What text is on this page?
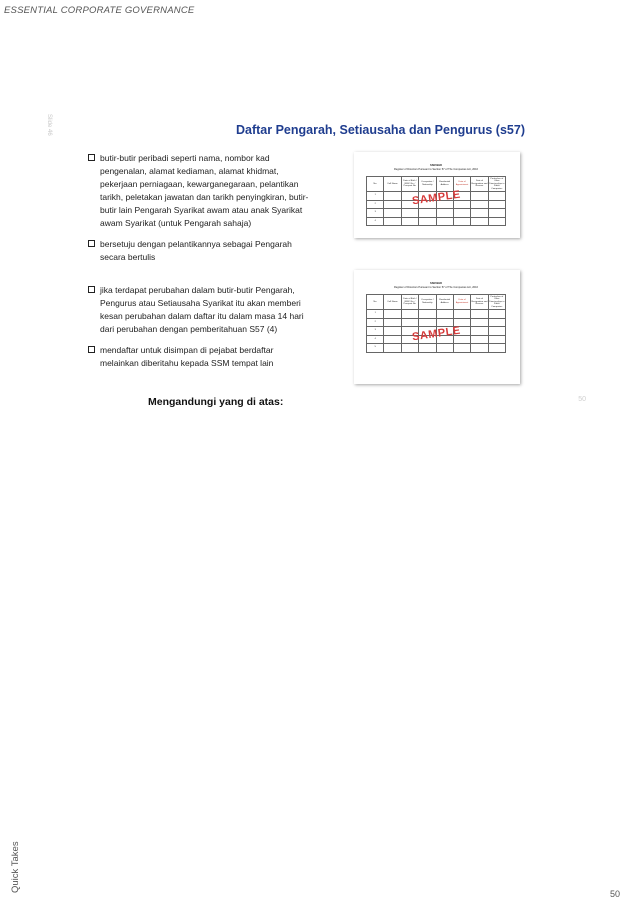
ESSENTIAL CORPORATE GOVERNANCE
Quick Takes
50
Slide 46
50
Daftar Pengarah, Setiausaha dan Pengurus (s57)
butir-butir peribadi seperti nama, nombor kad pengenalan, alamat kediaman, alamat khidmat, pekerjaan perniagaan, kewarganegaraan, pelantikan tarikh, peletakan jawatan dan tarikh penyingkiran, butir-butir lain Pengarah Syarikat awam atau anak Syarikat awam Syarikat (untuk Pengarah sahaja)
bersetuju dengan pelantikannya sebagai Pengarah secara bertulis
jika terdapat perubahan dalam butir-butir Pengarah, Pengurus atau Setiausaha Syarikat itu akan memberi kesan perubahan dalam daftar itu dalam masa 14 hari dari perubahan dengan pemberitahuan S57 (4)
mendaftar untuk disimpan di pejabat berdaftar melainkan diberitahu kepada SSM tempat lain
SSM BHD
Register of Directors Pursuant to Section 57 of The Companies Act, 2016
No.	Full Name	Date of Birth / NRIC No. / Passport No.	Occupation / Nationality	Residential Address	Date of Appointment	Date of Resignation and Reason	Particulars of Other Directorships in Public Companies
1							
2							
3							
4							
SAMPLE
SSM BHD
Register of Directors Pursuant to Section 57 of The Companies Act, 2016
No.	Full Name	Date of Birth / NRIC No. / Passport No.	Occupation / Nationality	Residential Address	Date of Appointment	Date of Resignation and Reason	Particulars of Other Directorships in Public Companies
1							
2							
3							
4							
5							
SAMPLE
Mengandungi yang di atas:
